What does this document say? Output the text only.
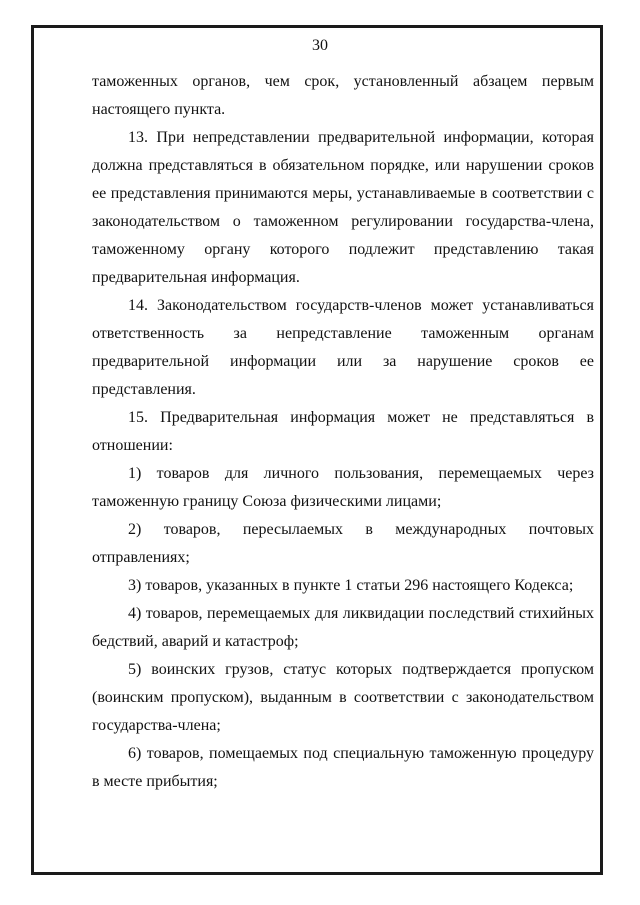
30

таможенных органов, чем срок, установленный абзацем первым настоящего пункта.

13. При непредставлении предварительной информации, которая должна представляться в обязательном порядке, или нарушении сроков ее представления принимаются меры, устанавливаемые в соответствии с законодательством о таможенном регулировании государства-члена, таможенному органу которого подлежит представлению такая предварительная информация.

14. Законодательством государств-членов может устанавливаться ответственность за непредставление таможенным органам предварительной информации или за нарушение сроков ее представления.

15. Предварительная информация может не представляться в отношении:

1) товаров для личного пользования, перемещаемых через таможенную границу Союза физическими лицами;

2) товаров, пересылаемых в международных почтовых отправлениях;

3) товаров, указанных в пункте 1 статьи 296 настоящего Кодекса;

4) товаров, перемещаемых для ликвидации последствий стихийных бедствий, аварий и катастроф;

5) воинских грузов, статус которых подтверждается пропуском (воинским пропуском), выданным в соответствии с законодательством государства-члена;

6) товаров, помещаемых под специальную таможенную процедуру в месте прибытия;
